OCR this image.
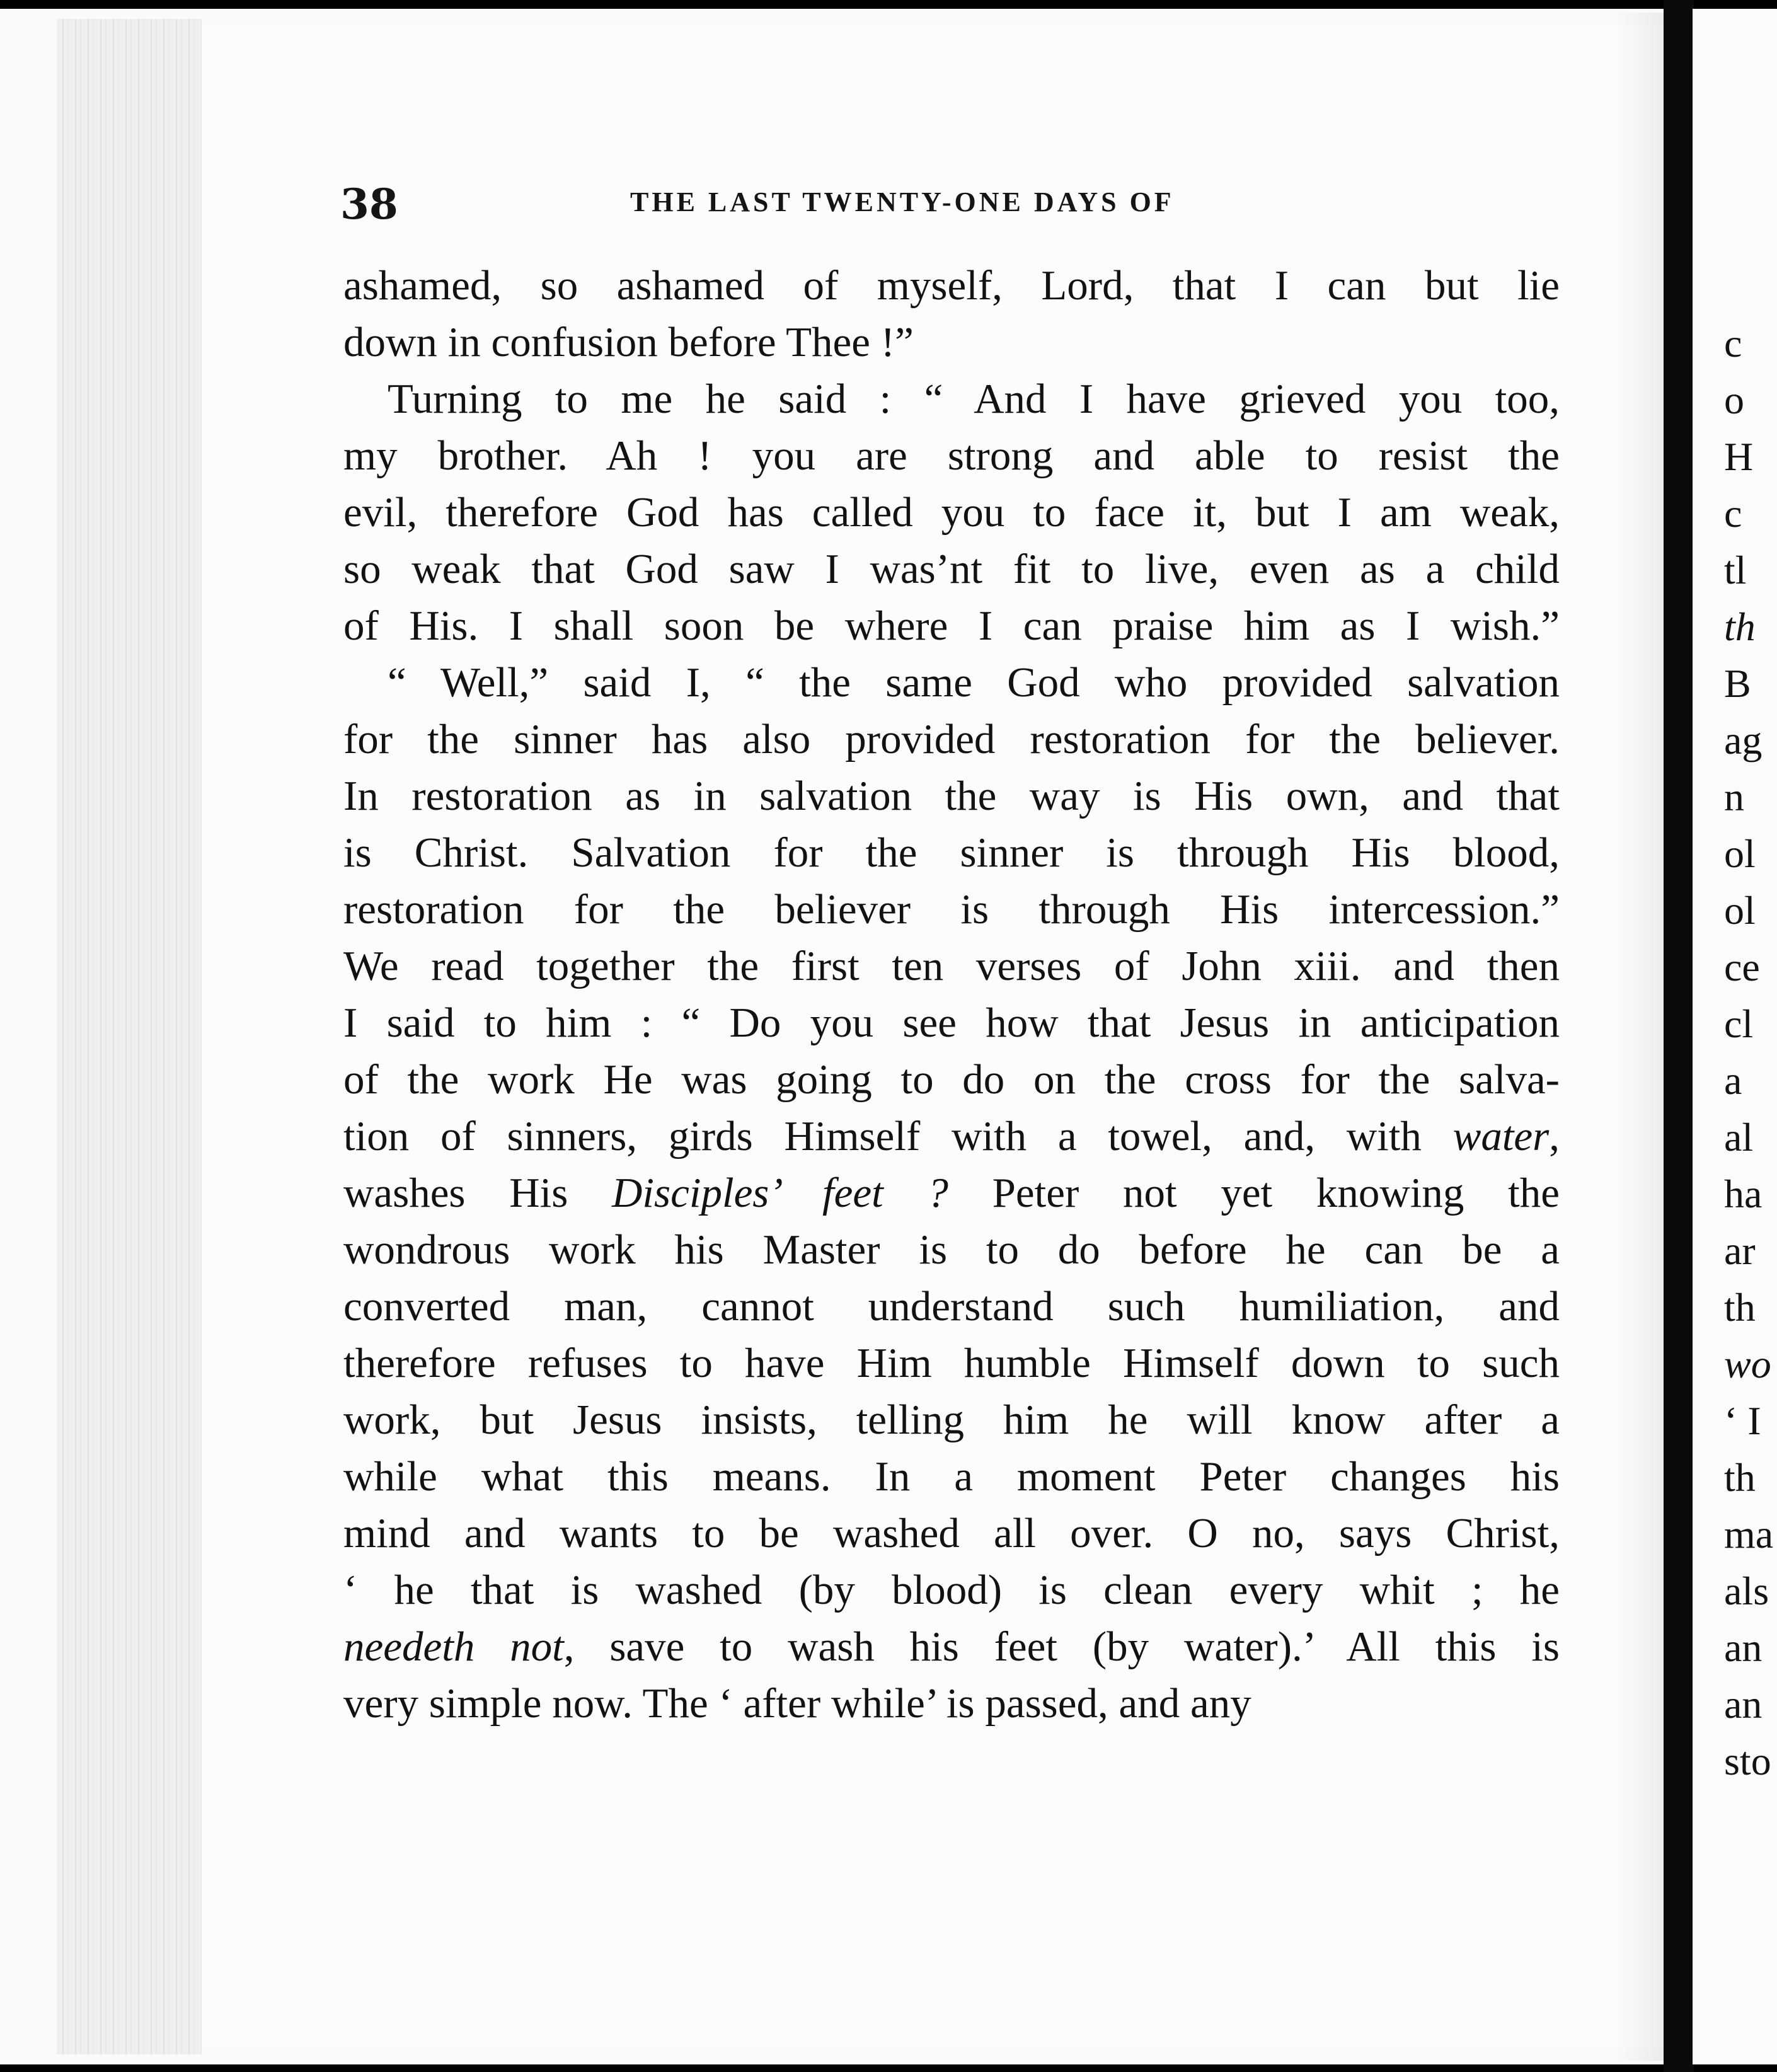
38	THE LAST TWENTY-ONE DAYS OF
ashamed, so ashamed of myself, Lord, that I can but lie
down in confusion before Thee !”
Turning to me he said : “ And I have grieved you too,
my brother. Ah ! you are strong and able to resist the
evil, therefore God has called you to face it, but I am weak,
so weak that God saw I was’nt fit to live, even as a child
of His. I shall soon be where I can praise him as I wish.”
“ Well,” said I, “ the same God who provided salvation
for the sinner has also provided restoration for the believer.
In restoration as in salvation the way is His own, and that
is Christ. Salvation for the sinner is through His blood,
restoration for the believer is through His intercession.”
We read together the first ten verses of John xiii. and then
I said to him : “ Do you see how that Jesus in anticipation
of the work He was going to do on the cross for the salva-
tion of sinners, girds Himself with a towel, and, with water,
washes His Disciples’ feet ? Peter not yet knowing the
wondrous work his Master is to do before he can be a
converted man, cannot understand such humiliation, and
therefore refuses to have Him humble Himself down to such
work, but Jesus insists, telling him he will know after a
while what this means. In a moment Peter changes his
mind and wants to be washed all over. O no, says Christ,
‘ he that is washed (by blood) is clean every whit ; he
needeth not, save to wash his feet (by water).’ All this is
very simple now. The ‘ after while’ is passed, and any
c
o
H
c
tl
th
B
ag
n
ol
ol
ce
cl
a
al
ha
ar
th
wo
‘ I
th
ma
als
an
an
sto
